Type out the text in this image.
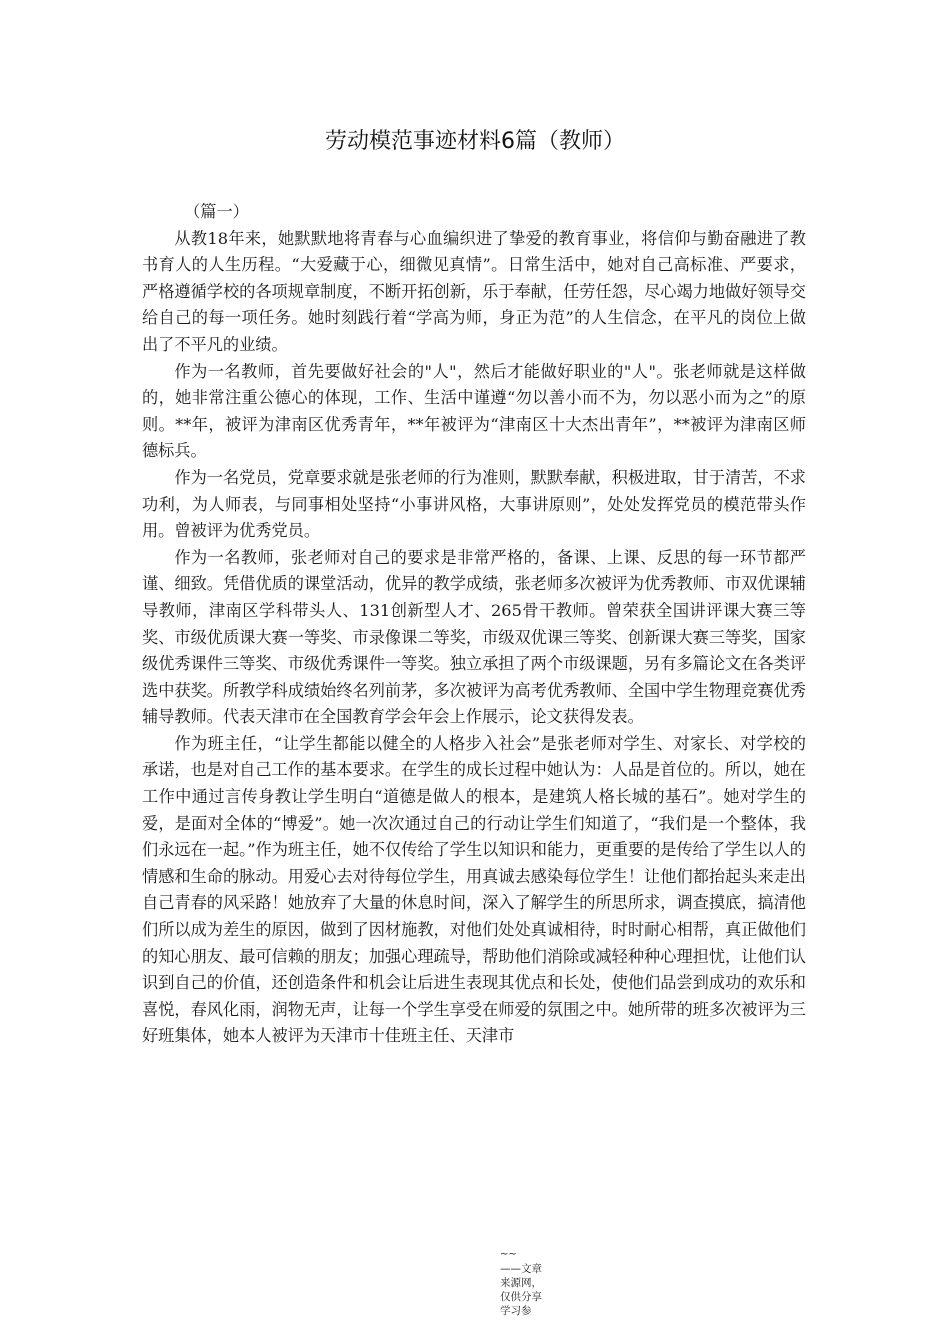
劳动模范事迹材料6篇（教师）

（篇一）

从教18年来，她默默地将青春与心血编织进了挚爱的教育事业，将信仰与勤奋融进了教书育人的人生历程。“大爱藏于心，细微见真情”。日常生活中，她对自己高标准、严要求，严格遵循学校的各项规章制度，不断开拓创新，乐于奉献，任劳任怨，尽心竭力地做好领导交给自己的每一项任务。她时刻践行着“学高为师，身正为范”的人生信念，在平凡的岗位上做出了不平凡的业绩。

作为一名教师，首先要做好社会的"人"，然后才能做好职业的"人"。张老师就是这样做的，她非常注重公德心的体现，工作、生活中谨遵“勿以善小而不为，勿以恶小而为之”的原则。**年，被评为津南区优秀青年，**年被评为“津南区十大杰出青年”，**被评为津南区师德标兵。

作为一名党员，党章要求就是张老师的行为准则，默默奉献，积极进取，甘于清苦，不求功利，为人师表，与同事相处坚持“小事讲风格，大事讲原则”，处处发挥党员的模范带头作用。曾被评为优秀党员。

作为一名教师，张老师对自己的要求是非常严格的，备课、上课、反思的每一环节都严谨、细致。凭借优质的课堂活动，优异的教学成绩，张老师多次被评为优秀教师、市双优课辅导教师，津南区学科带头人、131创新型人才、265骨干教师。曾荣获全国讲评课大赛三等奖、市级优质课大赛一等奖、市录像课二等奖，市级双优课三等奖、创新课大赛三等奖，国家级优秀课件三等奖、市级优秀课件一等奖。独立承担了两个市级课题，另有多篇论文在各类评选中获奖。所教学科成绩始终名列前茅，多次被评为高考优秀教师、全国中学生物理竞赛优秀辅导教师。代表天津市在全国教育学会年会上作展示，论文获得发表。

作为班主任，“让学生都能以健全的人格步入社会”是张老师对学生、对家长、对学校的承诺，也是对自己工作的基本要求。在学生的成长过程中她认为：人品是首位的。所以，她在工作中通过言传身教让学生明白“道德是做人的根本，是建筑人格长城的基石”。她对学生的爱，是面对全体的“博爱”。她一次次通过自己的行动让学生们知道了，“我们是一个整体，我们永远在一起。”作为班主任，她不仅传给了学生以知识和能力，更重要的是传给了学生以人的情感和生命的脉动。用爱心去对待每位学生，用真诚去感染每位学生！让他们都抬起头来走出自己青春的风采路！她放弃了大量的休息时间，深入了解学生的所思所求，调查摸底，搞清他们所以成为差生的原因，做到了因材施教，对他们处处真诚相待，时时耐心相帮，真正做他们的知心朋友、最可信赖的朋友；加强心理疏导，帮助他们消除或减轻种种心理担忧，让他们认识到自己的价值，还创造条件和机会让后进生表现其优点和长处，使他们品尝到成功的欢乐和喜悦，春风化雨，润物无声，让每一个学生享受在师爱的氛围之中。她所带的班多次被评为三好班集体，她本人被评为天津市十佳班主任、天津市

~~
——文章来源网，仅供分享学习参
